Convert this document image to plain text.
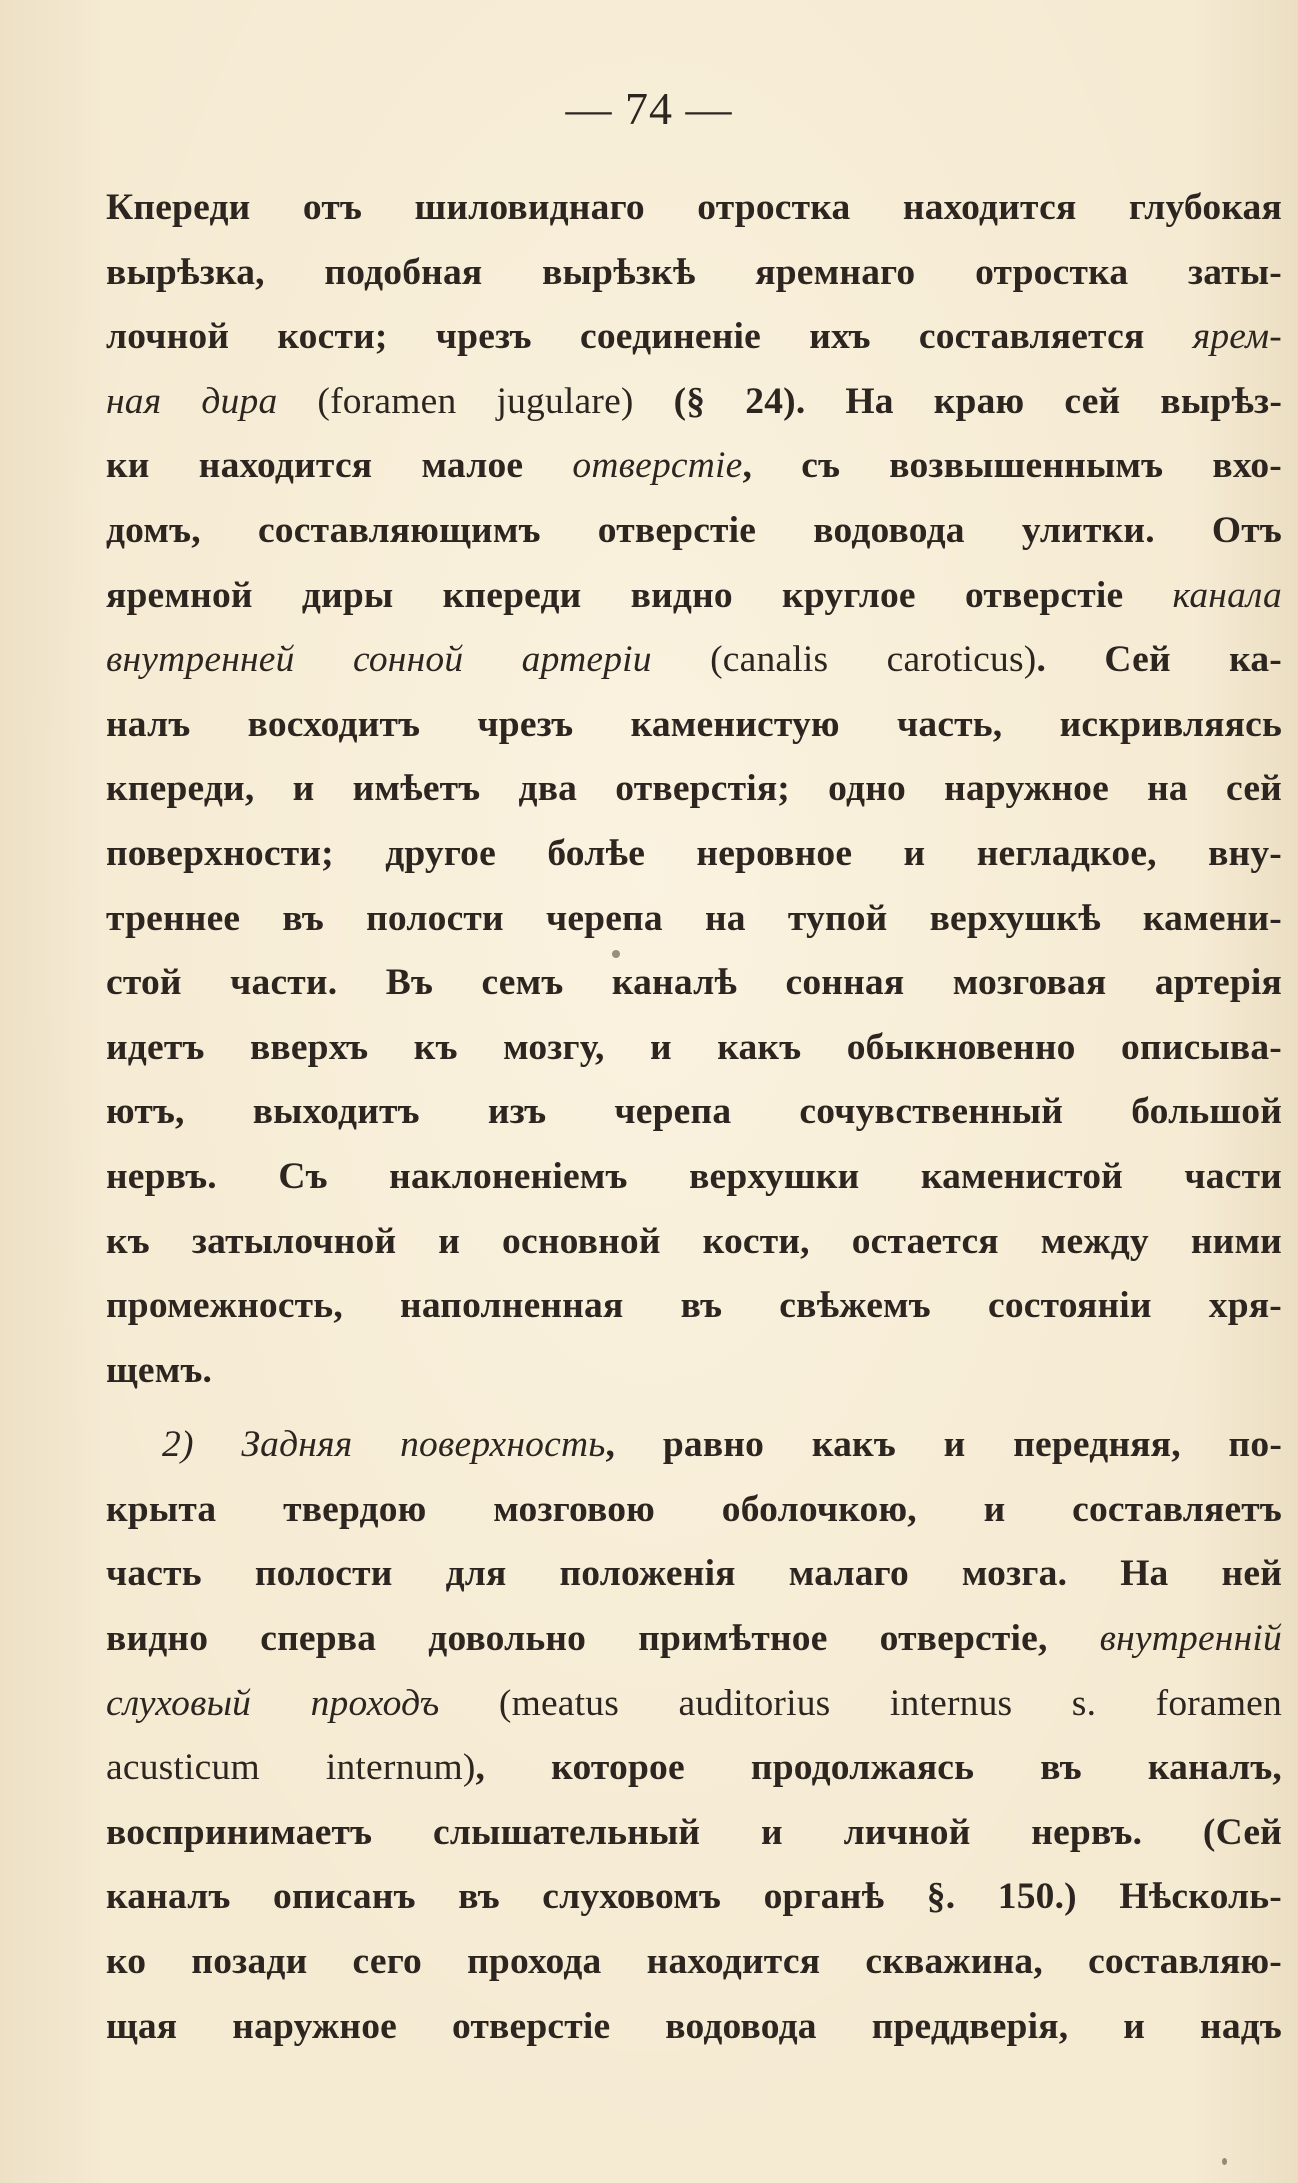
— 74 —
Кпереди отъ шиловиднаго отростка находится глубокая
вырѣзка, подобная вырѣзкѣ яремнаго отростка заты-
лочной кости; чрезъ соединенiе ихъ составляется ярем-
ная дира (foramen jugulare) (§ 24). На краю сей вырѣз-
ки находится малое отверстiе, съ возвышеннымъ вхо-
домъ, составляющимъ отверстiе водовода улитки. Отъ
яремной диры кпереди видно круглое отверстiе канала
внутренней сонной артерiи (canalis caroticus). Сей ка-
налъ восходитъ чрезъ каменистую часть, искривляясь
кпереди, и имѣетъ два отверстiя; одно наружное на сей
поверхности; другое болѣе неровное и негладкое, вну-
треннее въ полости черепа на тупой верхушкѣ камени-
стой части. Въ семъ каналѣ сонная мозговая артерiя
идетъ вверхъ къ мозгу, и какъ обыкновенно описыва-
ютъ, выходитъ изъ черепа сочувственный большой
нервъ. Съ наклоненiемъ верхушки каменистой части
къ затылочной и основной кости, остается между ними
промежность, наполненная въ свѣжемъ состоянiи хря-
щемъ.
2) Задняя поверхность, равно какъ и передняя, по-
крыта твердою мозговою оболочкою, и составляетъ
часть полости для положенiя малаго мозга. На ней
видно сперва довольно примѣтное отверстiе, внутреннiй
слуховый проходъ (meatus auditorius internus s. foramen
acusticum internum), которое продолжаясь въ каналъ,
воспринимаетъ слышательный и личной нервъ. (Сей
каналъ описанъ въ слуховомъ органѣ §. 150.) Нѣсколь-
ко позади сего прохода находится скважина, составляю-
щая наружное отверстiе водовода преддверiя, и надъ
